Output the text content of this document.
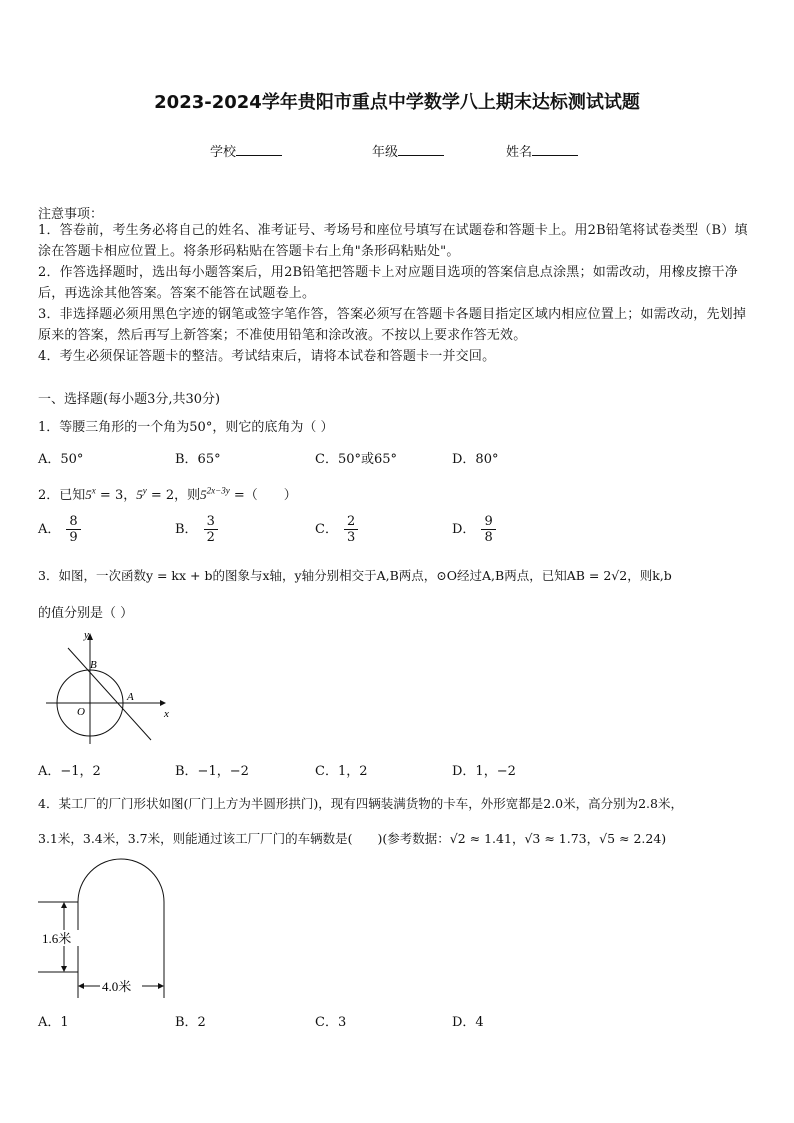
2023-2024学年贵阳市重点中学数学八上期末达标测试试题
学校	年级	姓名
注意事项：
1．答卷前，考生务必将自己的姓名、准考证号、考场号和座位号填写在试题卷和答题卡上。用2B铅笔将试卷类型（B）填涂在答题卡相应位置上。将条形码粘贴在答题卡右上角"条形码粘贴处"。
2．作答选择题时，选出每小题答案后，用2B铅笔把答题卡上对应题目选项的答案信息点涂黑；如需改动，用橡皮擦干净后，再选涂其他答案。答案不能答在试题卷上。
3．非选择题必须用黑色字迹的钢笔或签字笔作答，答案必须写在答题卡各题目指定区域内相应位置上；如需改动，先划掉原来的答案，然后再写上新答案；不准使用铅笔和涂改液。不按以上要求作答无效。
4．考生必须保证答题卡的整洁。考试结束后，请将本试卷和答题卡一并交回。
一、选择题(每小题3分,共30分)
1．等腰三角形的一个角为50°，则它的底角为（ ）
A．50°	B．65°	C．50°或65°	D．80°
2．已知$5^x = 3$，$5^y = 2$，则$5^{2x-3y}$ =（　　）
A． $\frac{8}{9}$	B． $\frac{3}{2}$	C． $\frac{2}{3}$	D． $\frac{9}{8}$
3．如图，一次函数y = kx + b的图象与x轴，y轴分别相交于A,B两点，⊙O经过A,B两点，已知AB = 2√2，则k,b
的值分别是（ ）
y
x
O
A
B
A．−1，2	B．−1，−2	C．1，2	D．1，−2
4．某工厂的厂门形状如图(厂门上方为半圆形拱门)，现有四辆装满货物的卡车，外形宽都是2.0米，高分别为2.8米，
3.1米，3.4米，3.7米，则能通过该工厂厂门的车辆数是(　　)(参考数据：√2 ≈ 1.41，√3 ≈ 1.73，√5 ≈ 2.24)
1.6米
4.0米
A．1	B．2	C．3	D．4
